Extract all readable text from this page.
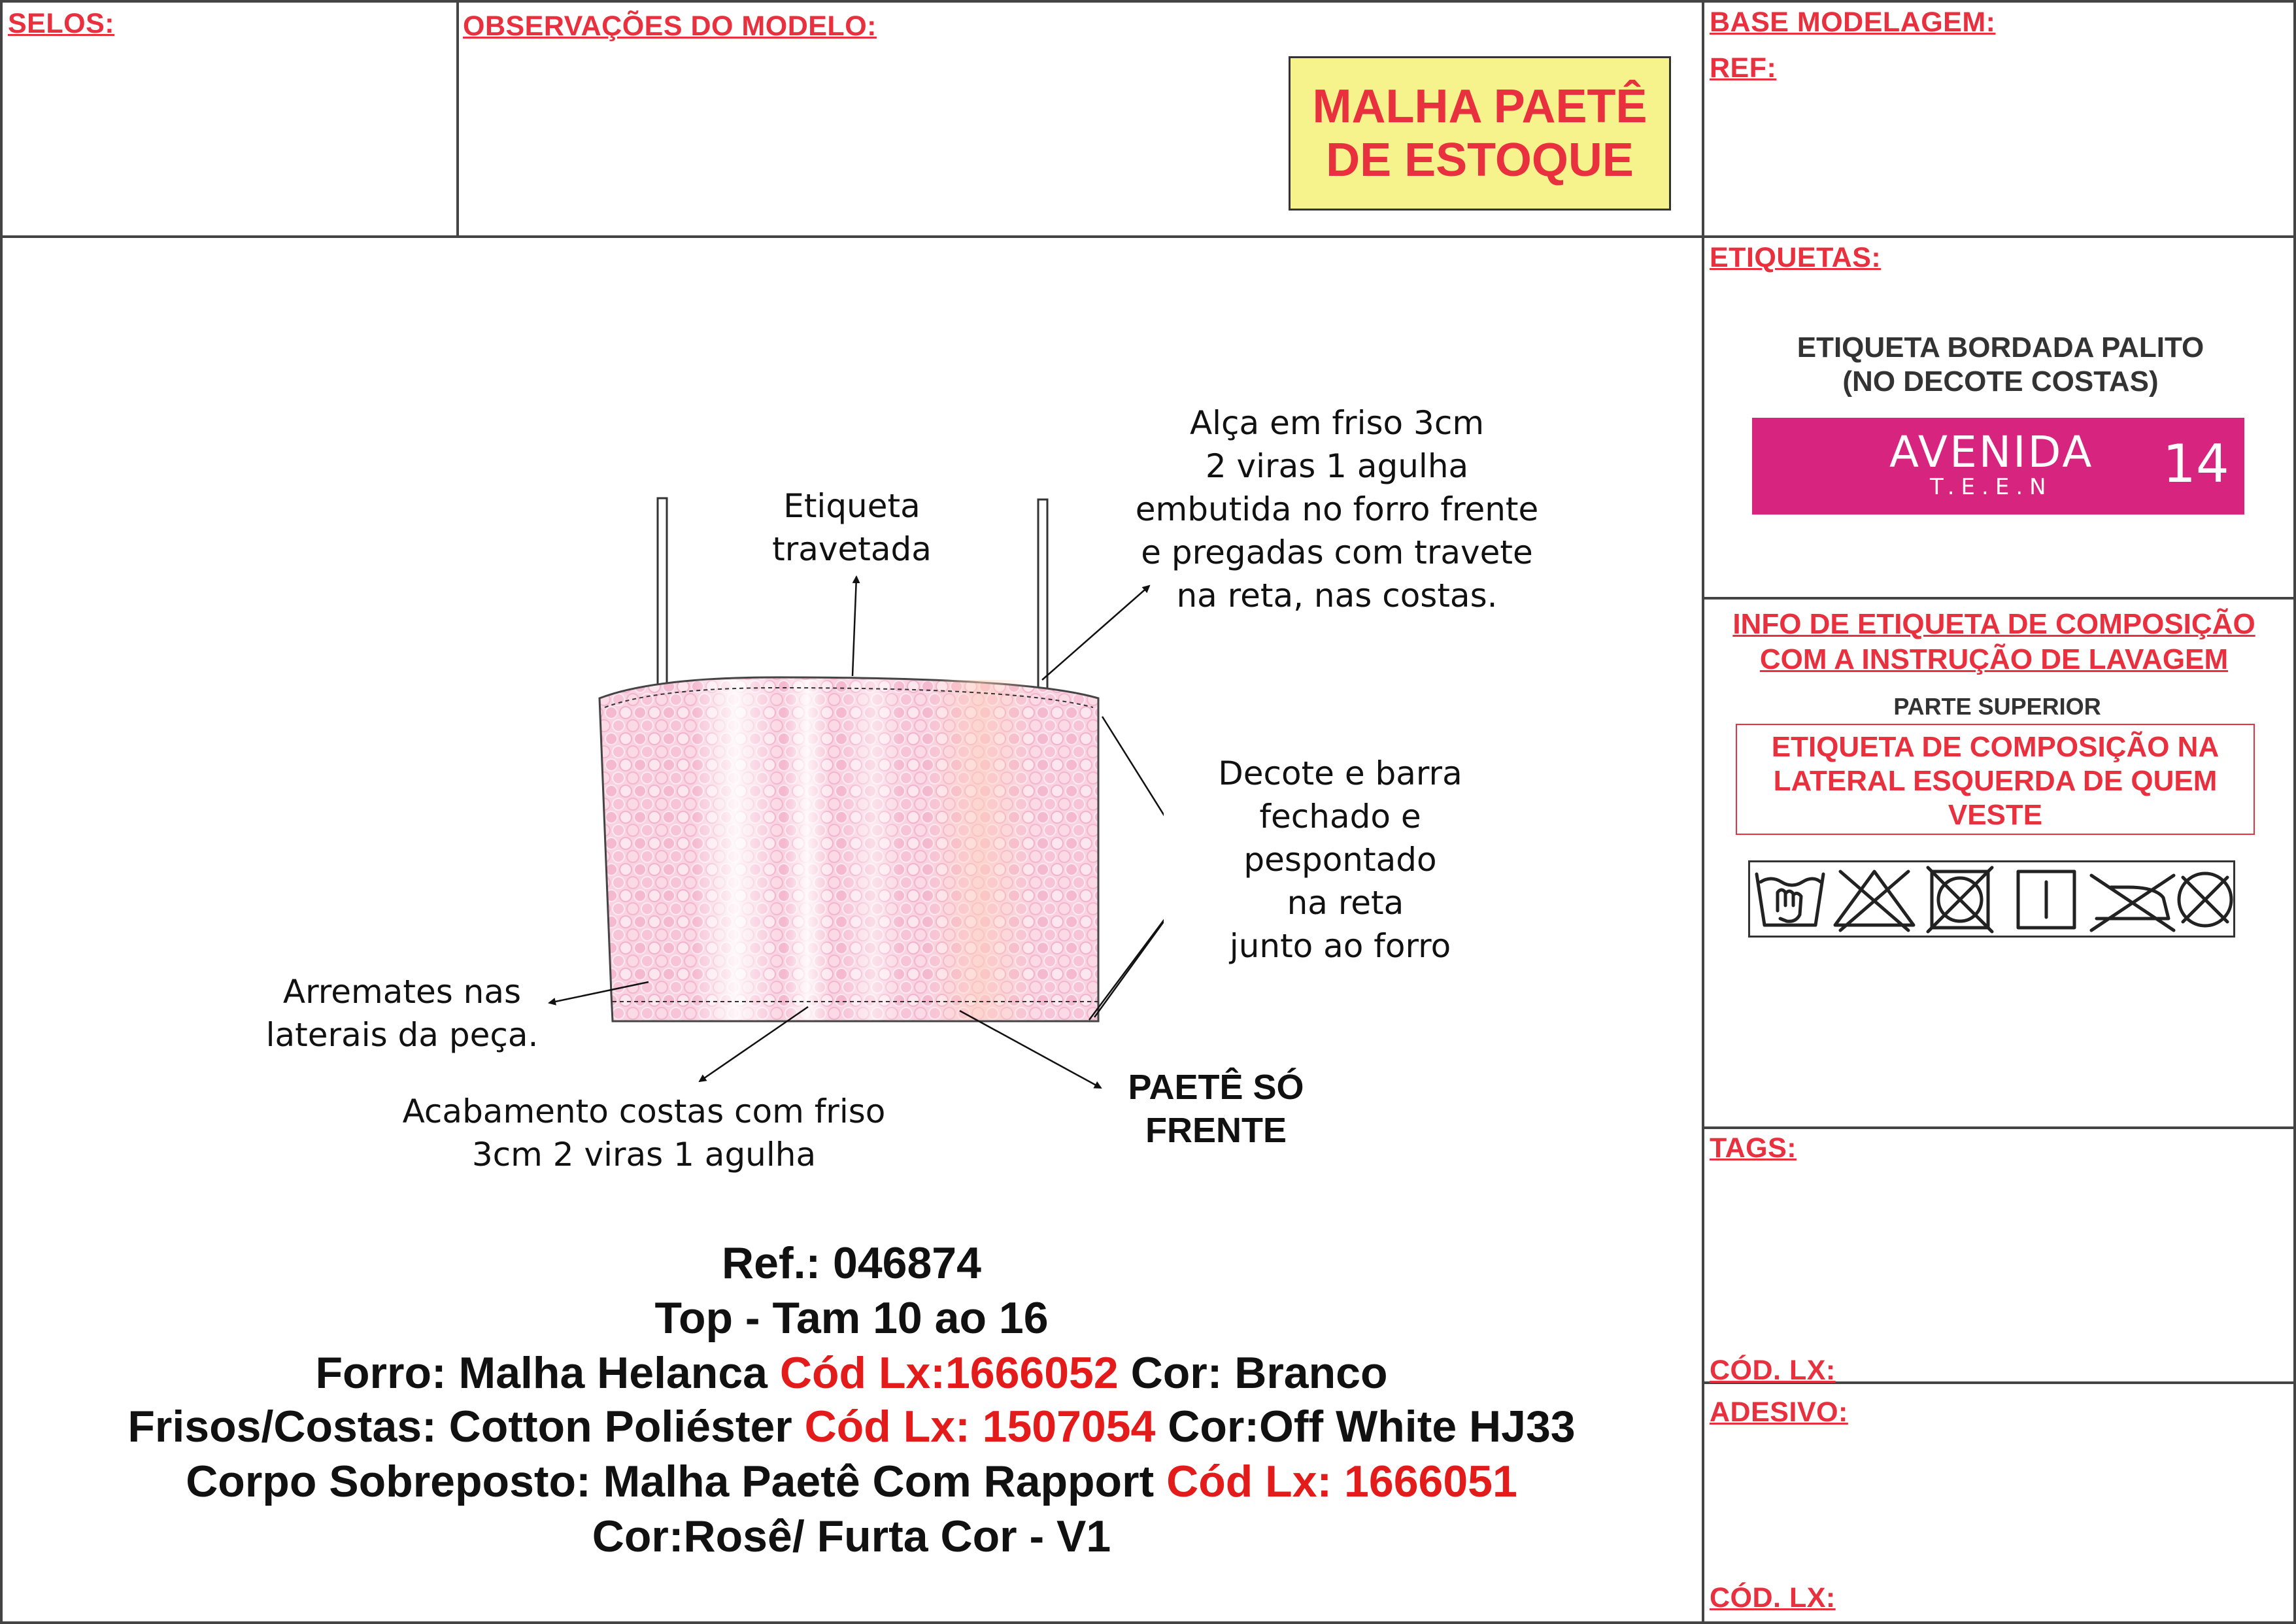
SELOS:	OBSERVAÇÕES DO MODELO:
MALHA PAETÊ
DE ESTOQUE
BASE MODELAGEM:
REF:
ETIQUETAS:
ETIQUETA BORDADA PALITO
(NO DECOTE COSTAS)
AVENIDA
T.E.E.N 14
INFO DE ETIQUETA DE COMPOSIÇÃO
COM A INSTRUÇÃO DE LAVAGEM
PARTE SUPERIOR
ETIQUETA DE COMPOSIÇÃO NA
LATERAL ESQUERDA DE QUEM
VESTE
TAGS:
CÓD. LX:
ADESIVO:
CÓD. LX:
Etiqueta
travetada
Alça em friso 3cm
2 viras 1 agulha
embutida no forro frente
e pregadas com travete
na reta, nas costas.
Decote e barra
fechado e
pespontado
na reta
junto ao forro
Arremates nas
laterais da peça.
Acabamento costas com friso
3cm 2 viras 1 agulha
PAETÊ SÓ
FRENTE
Ref.: 046874
Top - Tam 10 ao 16
Forro: Malha Helanca Cód Lx:1666052 Cor: Branco
Frisos/Costas: Cotton Poliéster Cód Lx: 1507054 Cor:Off White HJ33
Corpo Sobreposto: Malha Paetê Com Rapport Cód Lx: 1666051
Cor:Rosê/ Furta Cor - V1
